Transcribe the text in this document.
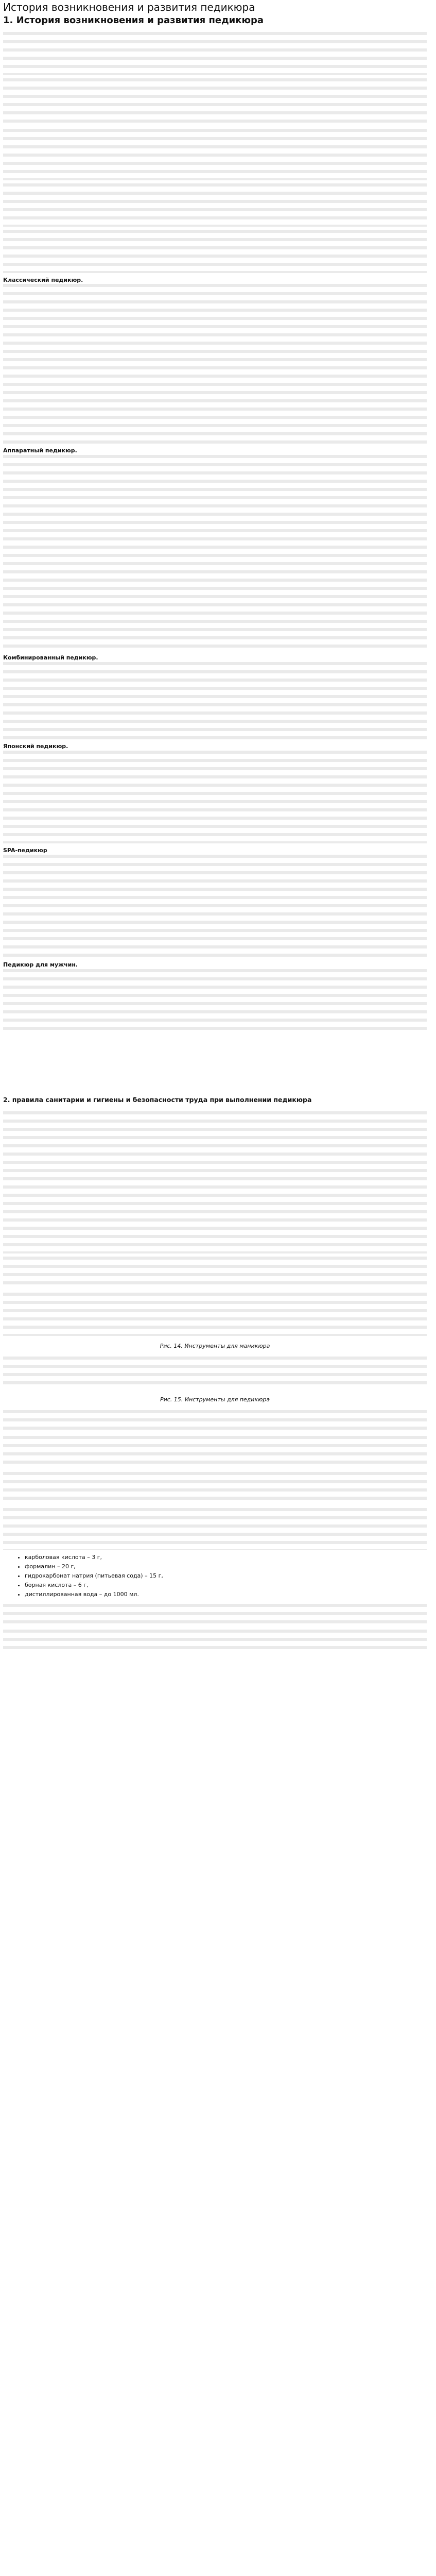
История возникновения и развития педикюра
1. История возникновения и развития педикюра

Классический педикюр.

Аппаратный педикюр.

Комбинированный педикюр.

Японский педикюр.

SPA-педикюр

Педикюр для мужчин.

2. правила санитарии и гигиены и безопасности труда при выполнении педикюра

Рис. 14. Инструменты для маникюра

Рис. 15. Инструменты для педикюра

• карболовая кислота – 3 г,
• формалин – 20 г,
• гидрокарбонат натрия (питьевая сода) – 15 г,
• борная кислота – 6 г,
• дистиллированная вода – до 1000 мл.
